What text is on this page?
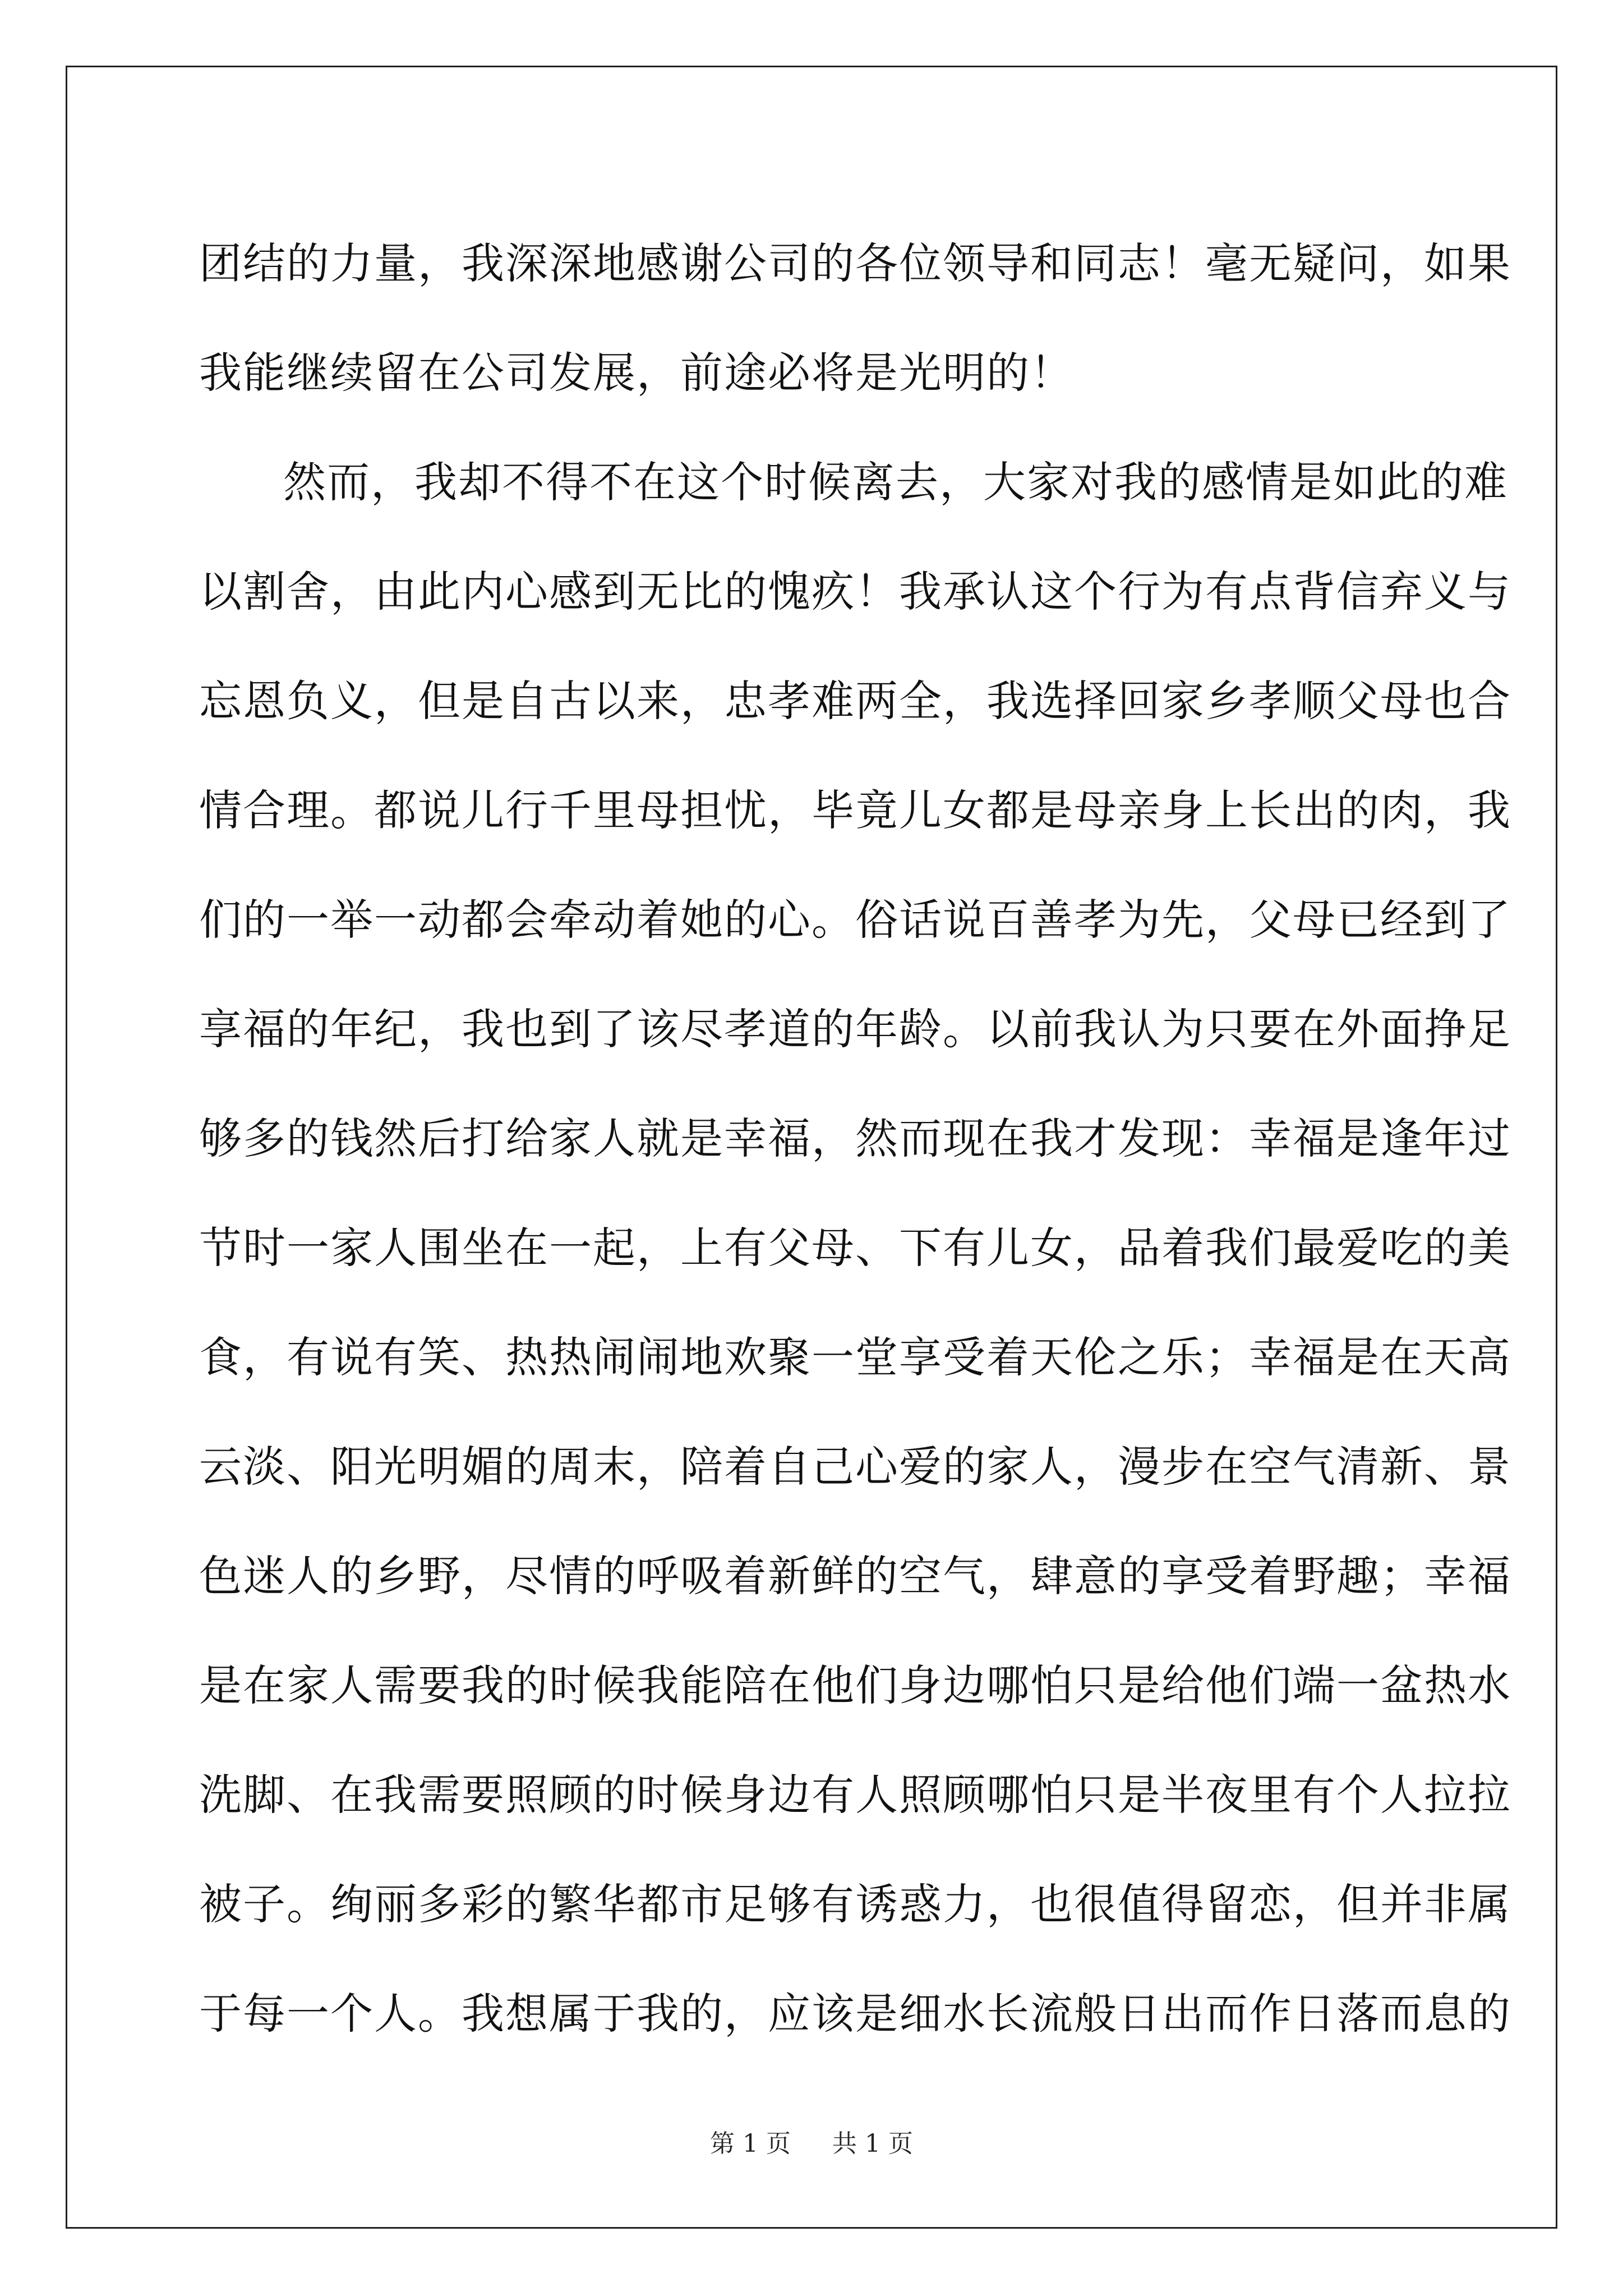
团结的力量，我深深地感谢公司的各位领导和同志！毫无疑问，如果
我能继续留在公司发展，前途必将是光明的！
然而，我却不得不在这个时候离去，大家对我的感情是如此的难
以割舍，由此内心感到无比的愧疚！我承认这个行为有点背信弃义与
忘恩负义，但是自古以来，忠孝难两全，我选择回家乡孝顺父母也合
情合理。都说儿行千里母担忧，毕竟儿女都是母亲身上长出的肉，我
们的一举一动都会牵动着她的心。俗话说百善孝为先，父母已经到了
享福的年纪，我也到了该尽孝道的年龄。以前我认为只要在外面挣足
够多的钱然后打给家人就是幸福，然而现在我才发现：幸福是逢年过
节时一家人围坐在一起，上有父母、下有儿女，品着我们最爱吃的美
食，有说有笑、热热闹闹地欢聚一堂享受着天伦之乐；幸福是在天高
云淡、阳光明媚的周末，陪着自己心爱的家人，漫步在空气清新、景
色迷人的乡野，尽情的呼吸着新鲜的空气，肆意的享受着野趣；幸福
是在家人需要我的时候我能陪在他们身边哪怕只是给他们端一盆热水
洗脚、在我需要照顾的时候身边有人照顾哪怕只是半夜里有个人拉拉
被子。绚丽多彩的繁华都市足够有诱惑力，也很值得留恋，但并非属
于每一个人。我想属于我的，应该是细水长流般日出而作日落而息的
第 1 页 共 1 页
